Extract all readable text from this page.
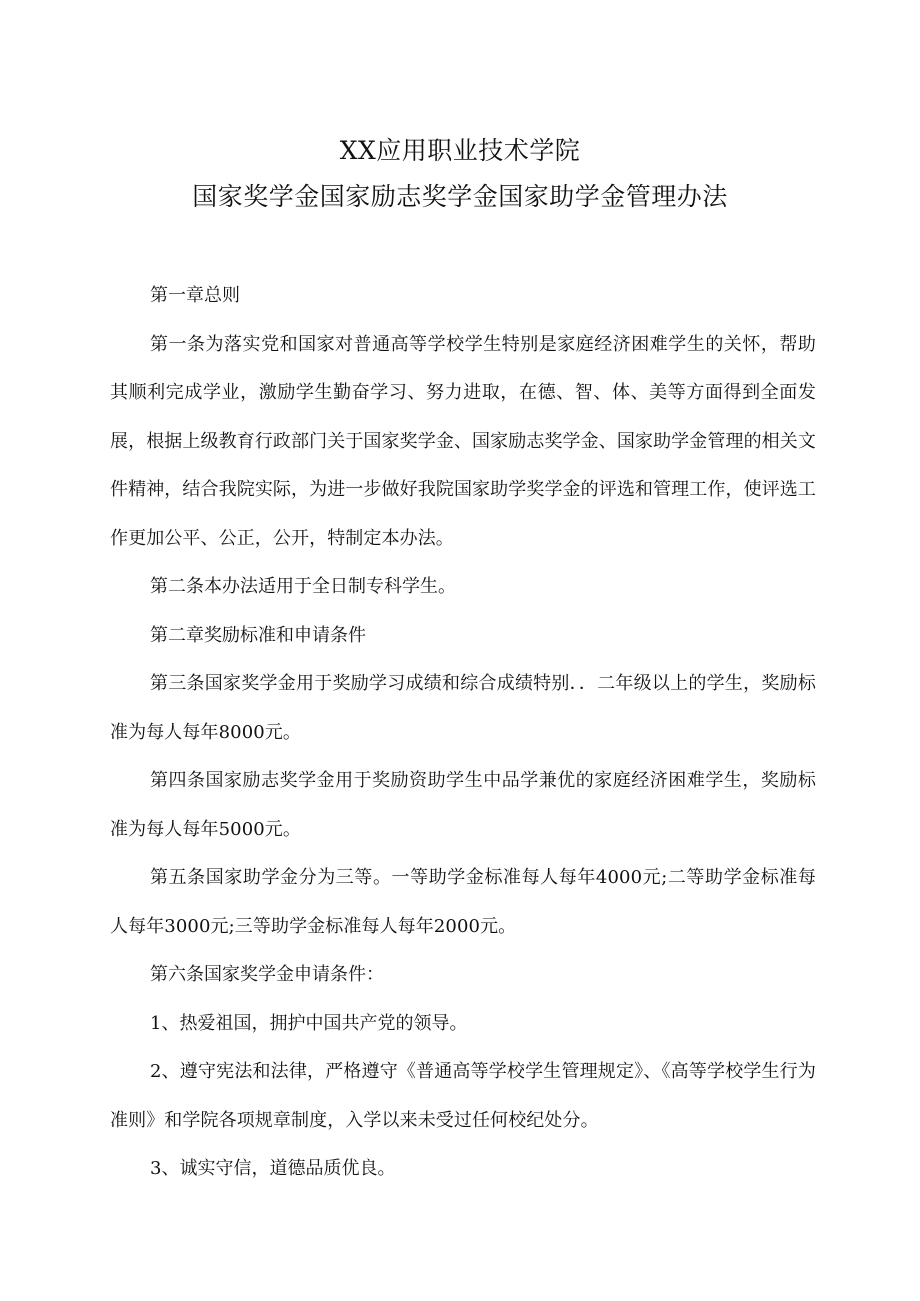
XX应用职业技术学院
国家奖学金国家励志奖学金国家助学金管理办法

第一章总则

第一条为落实党和国家对普通高等学校学生特别是家庭经济困难学生的关怀，帮助其顺利完成学业，激励学生勤奋学习、努力进取，在德、智、体、美等方面得到全面发展，根据上级教育行政部门关于国家奖学金、国家励志奖学金、国家助学金管理的相关文件精神，结合我院实际，为进一步做好我院国家助学奖学金的评选和管理工作，使评选工作更加公平、公正，公开，特制定本办法。

第二条本办法适用于全日制专科学生。

第二章奖励标准和申请条件

第三条国家奖学金用于奖励学习成绩和综合成绩特别．．二年级以上的学生，奖励标准为每人每年8000元。

第四条国家励志奖学金用于奖励资助学生中品学兼优的家庭经济困难学生，奖励标准为每人每年5000元。

第五条国家助学金分为三等。一等助学金标准每人每年4000元;二等助学金标准每人每年3000元;三等助学金标准每人每年2000元。

第六条国家奖学金申请条件：

1、热爱祖国，拥护中国共产党的领导。

2、遵守宪法和法律，严格遵守《普通高等学校学生管理规定》、《高等学校学生行为准则》和学院各项规章制度，入学以来未受过任何校纪处分。

3、诚实守信，道德品质优良。
